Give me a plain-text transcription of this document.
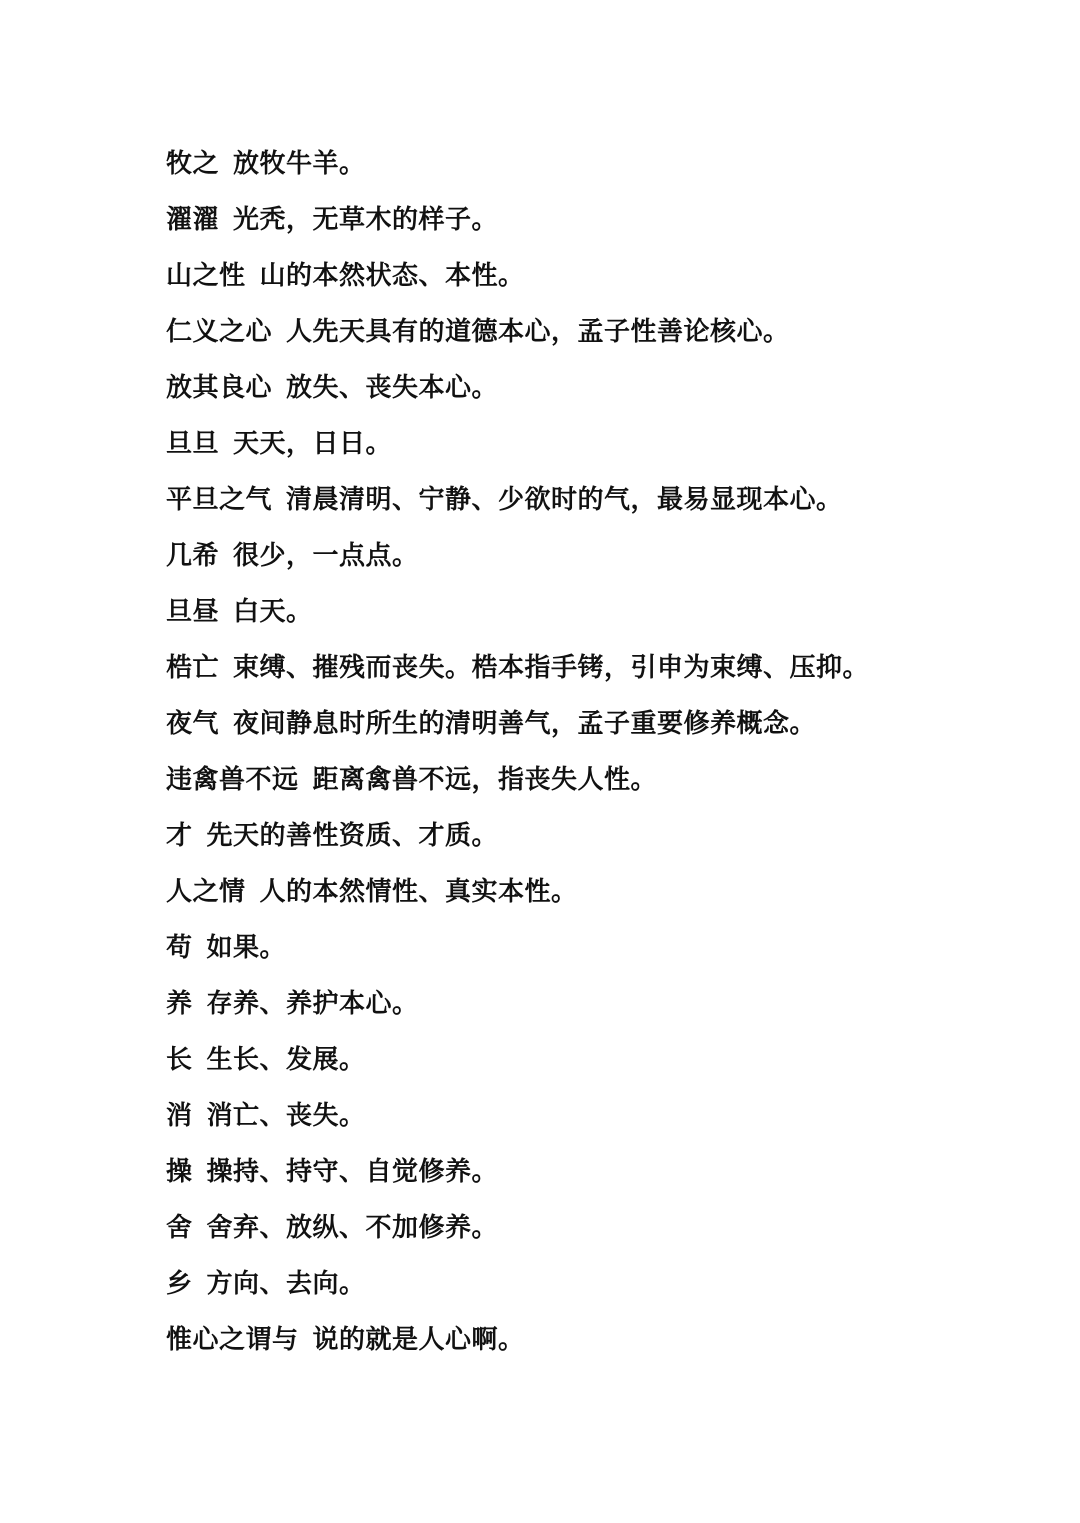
牧之 放牧牛羊。
濯濯 光秃，无草木的样子。
山之性 山的本然状态、本性。
仁义之心 人先天具有的道德本心，孟子性善论核心。
放其良心 放失、丧失本心。
旦旦 天天，日日。
平旦之气 清晨清明、宁静、少欲时的气，最易显现本心。
几希 很少，一点点。
旦昼 白天。
梏亡 束缚、摧残而丧失。梏本指手铐，引申为束缚、压抑。
夜气 夜间静息时所生的清明善气，孟子重要修养概念。
违禽兽不远 距离禽兽不远，指丧失人性。
才 先天的善性资质、才质。
人之情 人的本然情性、真实本性。
苟 如果。
养 存养、养护本心。
长 生长、发展。
消 消亡、丧失。
操 操持、持守、自觉修养。
舍 舍弃、放纵、不加修养。
乡 方向、去向。
惟心之谓与 说的就是人心啊。
